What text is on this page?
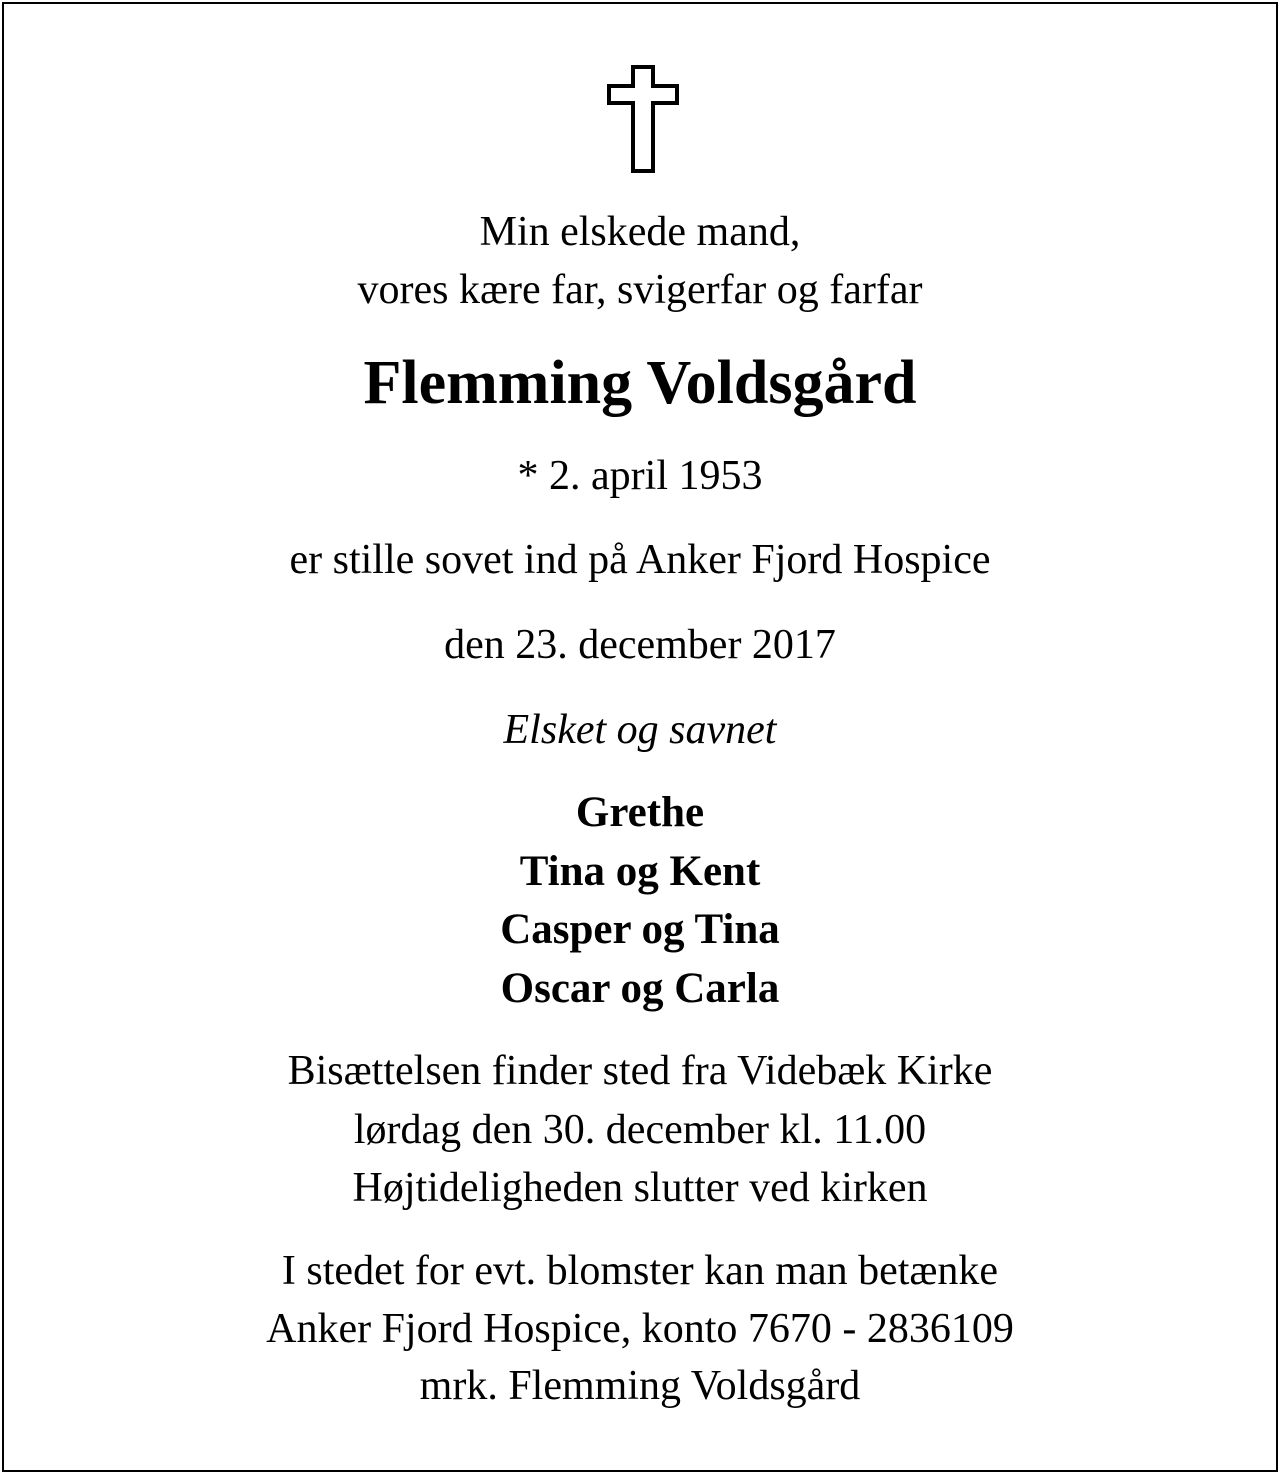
Min elskede mand,
vores kære far, svigerfar og farfar
Flemming Voldsgård
* 2. april 1953
er stille sovet ind på Anker Fjord Hospice
den 23. december 2017
Elsket og savnet
Grethe
Tina og Kent
Casper og Tina
Oscar og Carla
Bisættelsen finder sted fra Videbæk Kirke
lørdag den 30. december kl. 11.00
Højtideligheden slutter ved kirken
I stedet for evt. blomster kan man betænke
Anker Fjord Hospice, konto 7670 - 2836109
mrk. Flemming Voldsgård
